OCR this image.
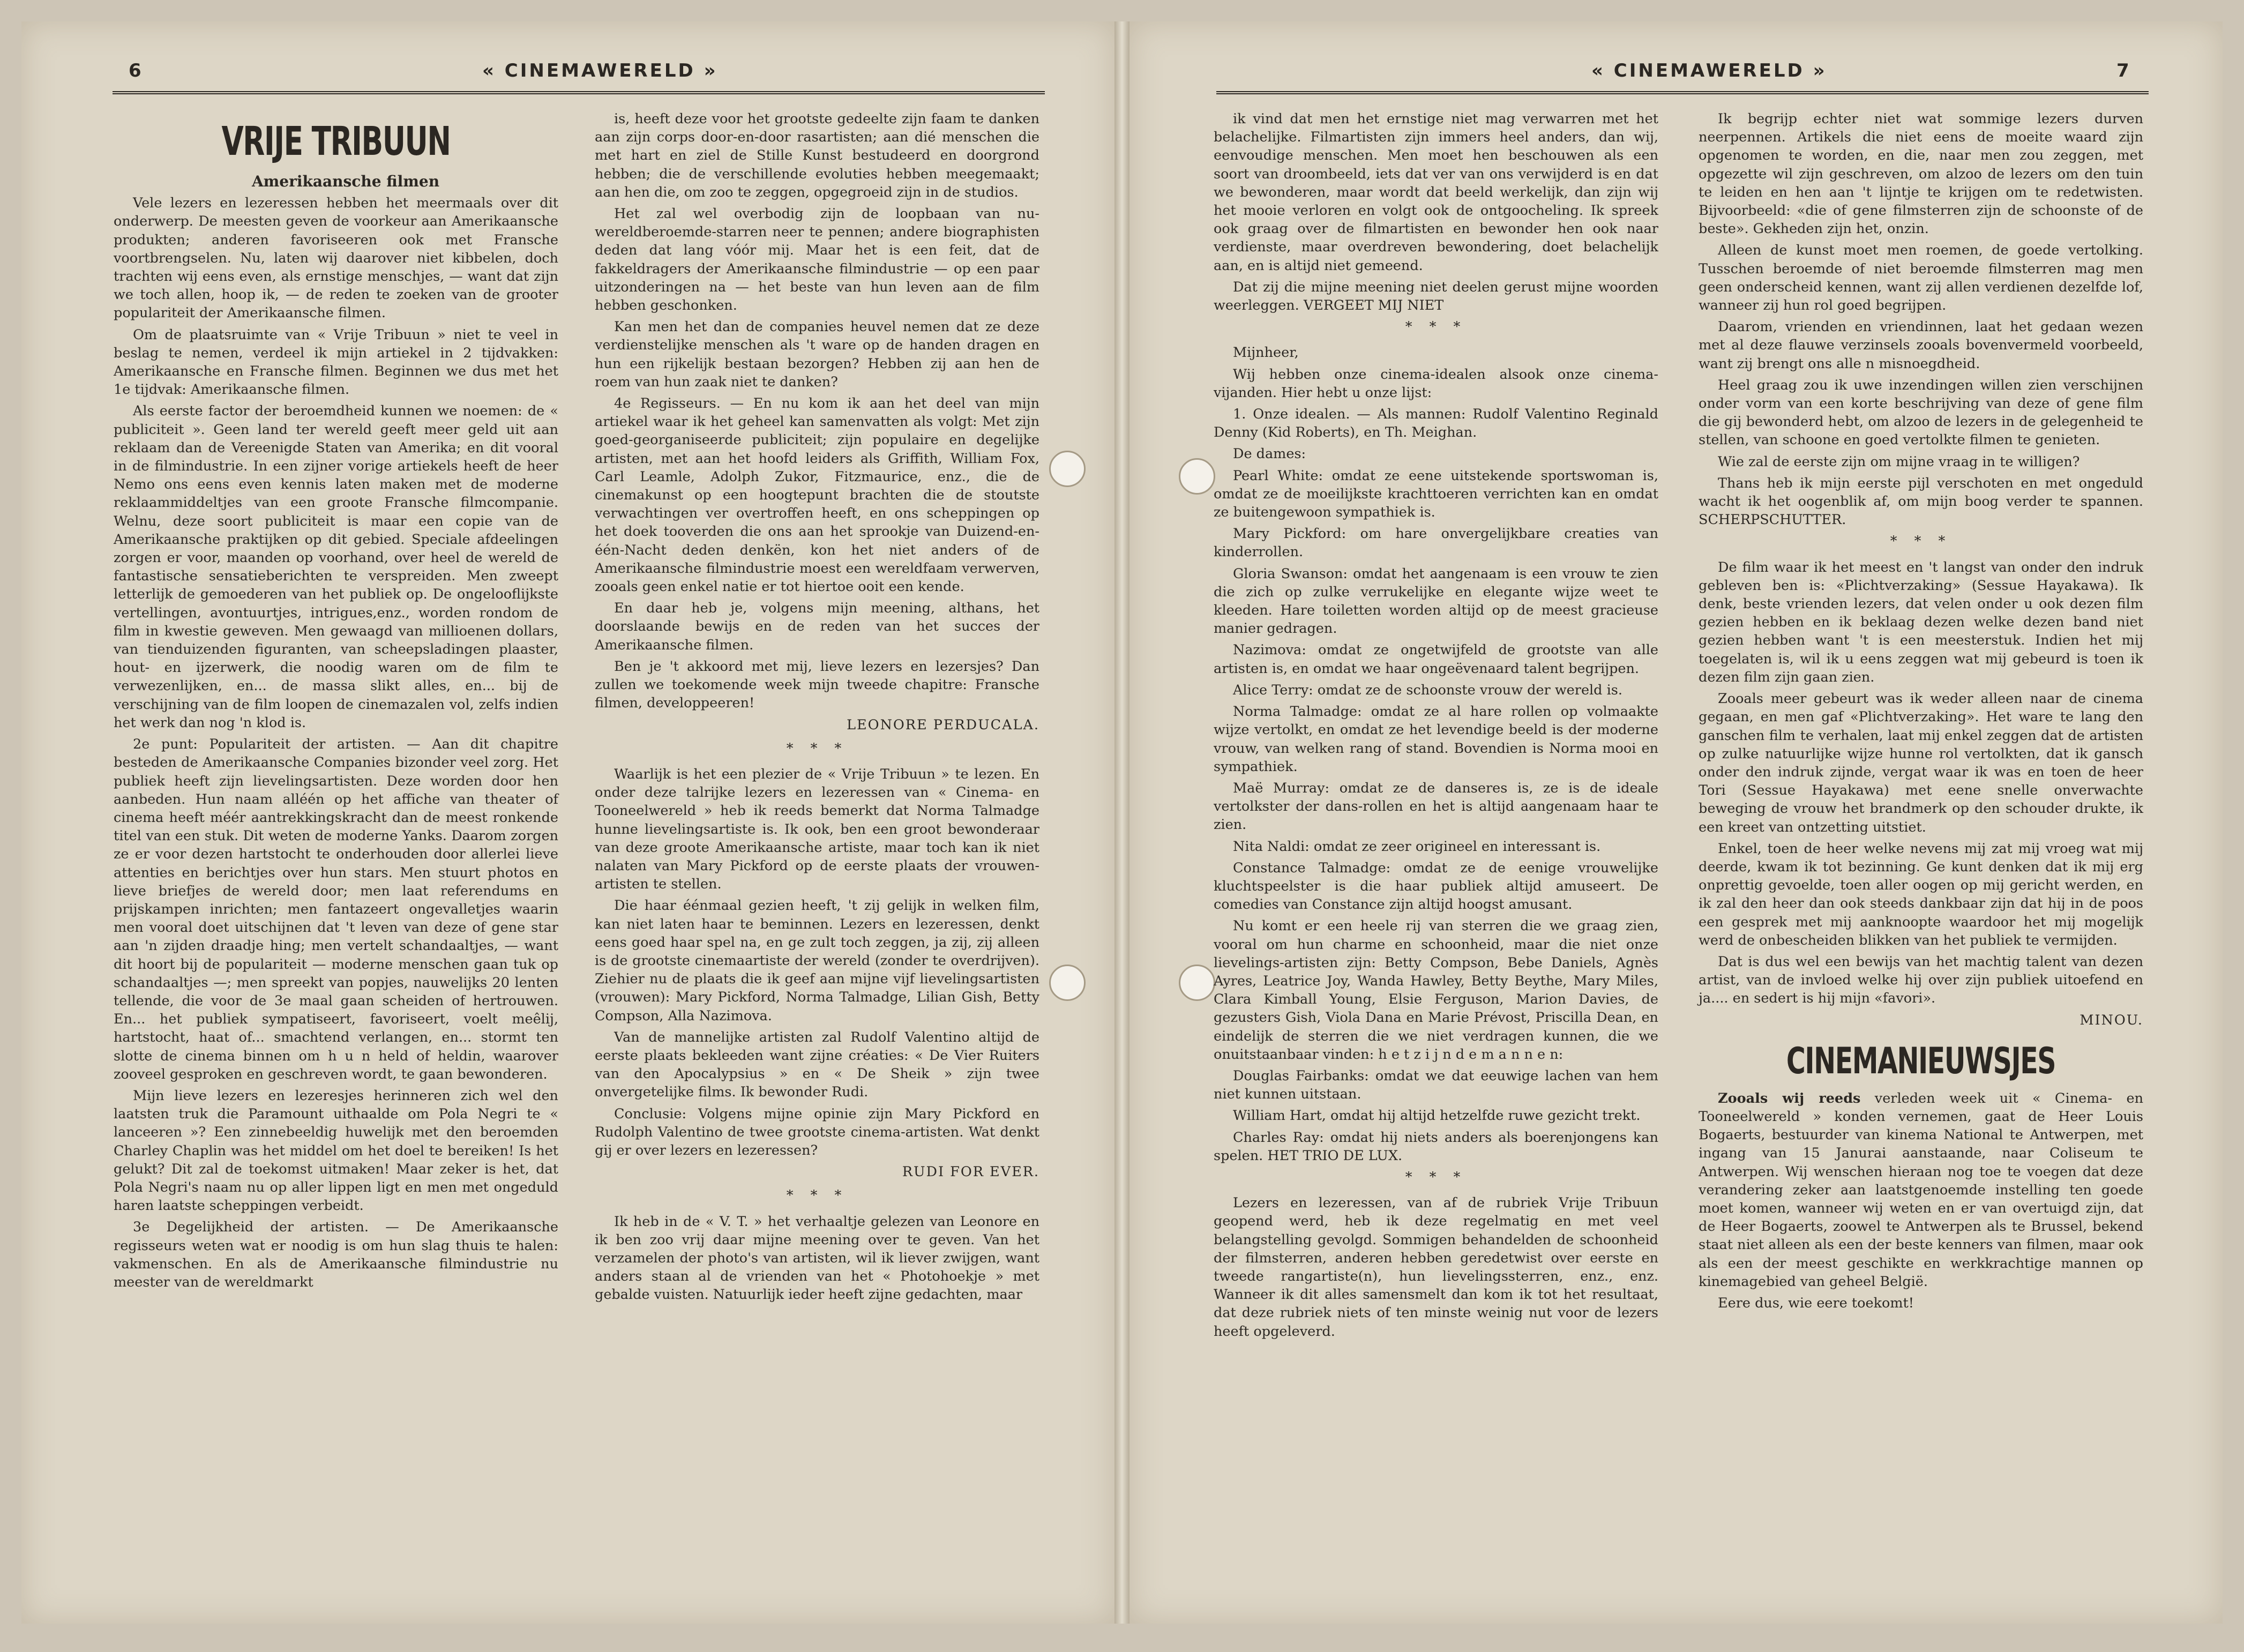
6	« CINEMAWERELD »	« CINEMAWERELD »	7
VRIJE TRIBUUN

Amerikaansche filmen

Vele lezers en lezeressen hebben het meermaals over dit onderwerp. De meesten geven de voorkeur aan Amerikaansche produkten; anderen favoriseeren ook met Fransche voortbrengselen. Nu, laten wij daarover niet kibbelen, doch trachten wij eens even, als ernstige menschjes, — want dat zijn we toch allen, hoop ik, — de reden te zoeken van de grooter populariteit der Amerikaansche filmen.

Om de plaatsruimte van « Vrije Tribuun » niet te veel in beslag te nemen, verdeel ik mijn artiekel in 2 tijdvakken: Amerikaansche en Fransche filmen. Beginnen we dus met het 1e tijdvak: Amerikaansche filmen.

Als eerste factor der beroemdheid kunnen we noemen: de « publiciteit ». Geen land ter wereld geeft meer geld uit aan reklaam dan de Vereenigde Staten van Amerika; en dit vooral in de filmindustrie. In een zijner vorige artiekels heeft de heer Nemo ons eens even kennis laten maken met de moderne reklaammiddeltjes van een groote Fransche filmcompanie. Welnu, deze soort publiciteit is maar een copie van de Amerikaansche praktijken op dit gebied. Speciale afdeelingen zorgen er voor, maanden op voorhand, over heel de wereld de fantastische sensatieberichten te verspreiden. Men zweept letterlijk de gemoederen van het publiek op. De ongelooflijkste vertellingen, avontuurtjes, intrigues,enz., worden rondom de film in kwestie geweven. Men gewaagd van millioenen dollars, van tienduizenden figuranten, van scheepsladingen plaaster, hout- en ijzerwerk, die noodig waren om de film te verwezenlijken, en... de massa slikt alles, en... bij de verschijning van de film loopen de cinemazalen vol, zelfs indien het werk dan nog 'n klod is.

2e punt: Populariteit der artisten. — Aan dit chapitre besteden de Amerikaansche Companies bizonder veel zorg. Het publiek heeft zijn lievelingsartisten. Deze worden door hen aanbeden. Hun naam alléén op het affiche van theater of cinema heeft méér aantrekkingskracht dan de meest ronkende titel van een stuk. Dit weten de moderne Yanks. Daarom zorgen ze er voor dezen hartstocht te onderhouden door allerlei lieve attenties en berichtjes over hun stars. Men stuurt photos en lieve briefjes de wereld door; men laat referendums en prijskampen inrichten; men fantazeert ongevalletjes waarin men vooral doet uitschijnen dat 't leven van deze of gene star aan 'n zijden draadje hing; men vertelt schandaaltjes, — want dit hoort bij de populariteit — moderne menschen gaan tuk op schandaaltjes —; men spreekt van popjes, nauwelijks 20 lenten tellende, die voor de 3e maal gaan scheiden of hertrouwen. En... het publiek sympatiseert, favoriseert, voelt meêlij, hartstocht, haat of... smachtend verlangen, en... stormt ten slotte de cinema binnen om h u n held of heldin, waarover zooveel gesproken en geschreven wordt, te gaan bewonderen.

Mijn lieve lezers en lezeresjes herinneren zich wel den laatsten truk die Paramount uithaalde om Pola Negri te « lanceeren »? Een zinnebeeldig huwelijk met den beroemden Charley Chaplin was het middel om het doel te bereiken! Is het gelukt? Dit zal de toekomst uitmaken! Maar zeker is het, dat Pola Negri's naam nu op aller lippen ligt en men met ongeduld haren laatste scheppingen verbeidt.

3e Degelijkheid der artisten. — De Amerikaansche regisseurs weten wat er noodig is om hun slag thuis te halen: vakmenschen. En als de Amerikaansche filmindustrie nu meester van de wereldmarkt

is, heeft deze voor het grootste gedeelte zijn faam te danken aan zijn corps door-en-door rasartisten; aan dié menschen die met hart en ziel de Stille Kunst bestudeerd en doorgrond hebben; die de verschillende evoluties hebben meegemaakt; aan hen die, om zoo te zeggen, opgegroeid zijn in de studios.

Het zal wel overbodig zijn de loopbaan van nu-wereldberoemde-starren neer te pennen; andere biographisten deden dat lang vóór mij. Maar het is een feit, dat de fakkeldragers der Amerikaansche filmindustrie — op een paar uitzonderingen na — het beste van hun leven aan de film hebben geschonken.

Kan men het dan de companies heuvel nemen dat ze deze verdienstelijke menschen als 't ware op de handen dragen en hun een rijkelijk bestaan bezorgen? Hebben zij aan hen de roem van hun zaak niet te danken?

4e Regisseurs. — En nu kom ik aan het deel van mijn artiekel waar ik het geheel kan samenvatten als volgt: Met zijn goed-georganiseerde publiciteit; zijn populaire en degelijke artisten, met aan het hoofd leiders als Griffith, William Fox, Carl Leamle, Adolph Zukor, Fitzmaurice, enz., die de cinemakunst op een hoogtepunt brachten die de stoutste verwachtingen ver overtroffen heeft, en ons scheppingen op het doek tooverden die ons aan het sprookje van Duizend-en-één-Nacht deden denkën, kon het niet anders of de Amerikaansche filmindustrie moest een wereldfaam verwerven, zooals geen enkel natie er tot hiertoe ooit een kende.

En daar heb je, volgens mijn meening, althans, het doorslaande bewijs en de reden van het succes der Amerikaansche filmen.

Ben je 't akkoord met mij, lieve lezers en lezersjes? Dan zullen we toekomende week mijn tweede chapitre: Fransche filmen, developpeeren!

LEONORE PERDUCALA.

* * *

Waarlijk is het een plezier de « Vrije Tribuun » te lezen. En onder deze talrijke lezers en lezeressen van « Cinema- en Tooneelwereld » heb ik reeds bemerkt dat Norma Talmadge hunne lievelingsartiste is. Ik ook, ben een groot bewonderaar van deze groote Amerikaansche artiste, maar toch kan ik niet nalaten van Mary Pickford op de eerste plaats der vrouwen-artisten te stellen.

Die haar éénmaal gezien heeft, 't zij gelijk in welken film, kan niet laten haar te beminnen. Lezers en lezeressen, denkt eens goed haar spel na, en ge zult toch zeggen, ja zij, zij alleen is de grootste cinemaartiste der wereld (zonder te overdrijven). Ziehier nu de plaats die ik geef aan mijne vijf lievelingsartisten (vrouwen): Mary Pickford, Norma Talmadge, Lilian Gish, Betty Compson, Alla Nazimova.

Van de mannelijke artisten zal Rudolf Valentino altijd de eerste plaats bekleeden want zijne créaties: « De Vier Ruiters van den Apocalypsius » en « De Sheik » zijn twee onvergetelijke films. Ik bewonder Rudi.

Conclusie: Volgens mijne opinie zijn Mary Pickford en Rudolph Valentino de twee grootste cinema-artisten. Wat denkt gij er over lezers en lezeressen?

RUDI FOR EVER.

* * *

Ik heb in de « V. T. » het verhaaltje gelezen van Leonore en ik ben zoo vrij daar mijne meening over te geven. Van het verzamelen der photo's van artisten, wil ik liever zwijgen, want anders staan al de vrienden van het « Photohoekje » met gebalde vuisten. Natuurlijk ieder heeft zijne gedachten, maar

ik vind dat men het ernstige niet mag verwarren met het belachelijke. Filmartisten zijn immers heel anders, dan wij, eenvoudige menschen. Men moet hen beschouwen als een soort van droombeeld, iets dat ver van ons verwijderd is en dat we bewonderen, maar wordt dat beeld werkelijk, dan zijn wij het mooie verloren en volgt ook de ontgoocheling. Ik spreek ook graag over de filmartisten en bewonder hen ook naar verdienste, maar overdreven bewondering, doet belachelijk aan, en is altijd niet gemeend.

Dat zij die mijne meening niet deelen gerust mijne woorden weerleggen. VERGEET MIJ NIET

* * *

Mijnheer,

Wij hebben onze cinema-idealen alsook onze cinema-vijanden. Hier hebt u onze lijst:

1. Onze idealen. — Als mannen: Rudolf Valentino Reginald Denny (Kid Roberts), en Th. Meighan.

De dames:

Pearl White: omdat ze eene uitstekende sportswoman is, omdat ze de moeilijkste krachttoeren verrichten kan en omdat ze buitengewoon sympathiek is.

Mary Pickford: om hare onvergelijkbare creaties van kinderrollen.

Gloria Swanson: omdat het aangenaam is een vrouw te zien die zich op zulke verrukelijke en elegante wijze weet te kleeden. Hare toiletten worden altijd op de meest gracieuse manier gedragen.

Nazimova: omdat ze ongetwijfeld de grootste van alle artisten is, en omdat we haar ongeëvenaard talent begrijpen.

Alice Terry: omdat ze de schoonste vrouw der wereld is.

Norma Talmadge: omdat ze al hare rollen op volmaakte wijze vertolkt, en omdat ze het levendige beeld is der moderne vrouw, van welken rang of stand. Bovendien is Norma mooi en sympathiek.

Maë Murray: omdat ze de danseres is, ze is de ideale vertolkster der dans-rollen en het is altijd aangenaam haar te zien.

Nita Naldi: omdat ze zeer origineel en interessant is.

Constance Talmadge: omdat ze de eenige vrouwelijke kluchtspeelster is die haar publiek altijd amuseert. De comedies van Constance zijn altijd hoogst amusant.

Nu komt er een heele rij van sterren die we graag zien, vooral om hun charme en schoonheid, maar die niet onze lievelings-artisten zijn: Betty Compson, Bebe Daniels, Agnès Ayres, Leatrice Joy, Wanda Hawley, Betty Beythe, Mary Miles, Clara Kimball Young, Elsie Ferguson, Marion Davies, de gezusters Gish, Viola Dana en Marie Prévost, Priscilla Dean, en eindelijk de sterren die we niet verdragen kunnen, die we onuitstaanbaar vinden: h e t z i j n d e m a n n e n:

Douglas Fairbanks: omdat we dat eeuwige lachen van hem niet kunnen uitstaan.

William Hart, omdat hij altijd hetzelfde ruwe gezicht trekt.

Charles Ray: omdat hij niets anders als boerenjongens kan spelen. HET TRIO DE LUX.

* * *

Lezers en lezeressen, van af de rubriek Vrije Tribuun geopend werd, heb ik deze regelmatig en met veel belangstelling gevolgd. Sommigen behandelden de schoonheid der filmsterren, anderen hebben geredetwist over eerste en tweede rangartiste(n), hun lievelingssterren, enz., enz. Wanneer ik dit alles samensmelt dan kom ik tot het resultaat, dat deze rubriek niets of ten minste weinig nut voor de lezers heeft opgeleverd.

Ik begrijp echter niet wat sommige lezers durven neerpennen. Artikels die niet eens de moeite waard zijn opgenomen te worden, en die, naar men zou zeggen, met opgezette wil zijn geschreven, om alzoo de lezers om den tuin te leiden en hen aan 't lijntje te krijgen om te redetwisten. Bijvoorbeeld: «die of gene filmsterren zijn de schoonste of de beste». Gekheden zijn het, onzin.

Alleen de kunst moet men roemen, de goede vertolking. Tusschen beroemde of niet beroemde filmsterren mag men geen onderscheid kennen, want zij allen verdienen dezelfde lof, wanneer zij hun rol goed begrijpen.

Daarom, vrienden en vriendinnen, laat het gedaan wezen met al deze flauwe verzinsels zooals bovenvermeld voorbeeld, want zij brengt ons alle n misnoegdheid.

Heel graag zou ik uwe inzendingen willen zien verschijnen onder vorm van een korte beschrijving van deze of gene film die gij bewonderd hebt, om alzoo de lezers in de gelegenheid te stellen, van schoone en goed vertolkte filmen te genieten.

Wie zal de eerste zijn om mijne vraag in te willigen?

Thans heb ik mijn eerste pijl verschoten en met ongeduld wacht ik het oogenblik af, om mijn boog verder te spannen. SCHERPSCHUTTER.

* * *

De film waar ik het meest en 't langst van onder den indruk gebleven ben is: «Plichtverzaking» (Sessue Hayakawa). Ik denk, beste vrienden lezers, dat velen onder u ook dezen film gezien hebben en ik beklaag dezen welke dezen band niet gezien hebben want 't is een meesterstuk. Indien het mij toegelaten is, wil ik u eens zeggen wat mij gebeurd is toen ik dezen film zijn gaan zien.

Zooals meer gebeurt was ik weder alleen naar de cinema gegaan, en men gaf «Plichtverzaking». Het ware te lang den ganschen film te verhalen, laat mij enkel zeggen dat de artisten op zulke natuurlijke wijze hunne rol vertolkten, dat ik gansch onder den indruk zijnde, vergat waar ik was en toen de heer Tori (Sessue Hayakawa) met eene snelle onverwachte beweging de vrouw het brandmerk op den schouder drukte, ik een kreet van ontzetting uitstiet.

Enkel, toen de heer welke nevens mij zat mij vroeg wat mij deerde, kwam ik tot bezinning. Ge kunt denken dat ik mij erg onprettig gevoelde, toen aller oogen op mij gericht werden, en ik zal den heer dan ook steeds dankbaar zijn dat hij in de poos een gesprek met mij aanknoopte waardoor het mij mogelijk werd de onbescheiden blikken van het publiek te vermijden.

Dat is dus wel een bewijs van het machtig talent van dezen artist, van de invloed welke hij over zijn publiek uitoefend en ja.... en sedert is hij mijn «favori».

MINOU.

CINEMANIEUWSJES

Zooals wij reeds verleden week uit « Cinema- en Tooneelwereld » konden vernemen, gaat de Heer Louis Bogaerts, bestuurder van kinema National te Antwerpen, met ingang van 15 Janurai aanstaande, naar Coliseum te Antwerpen. Wij wenschen hieraan nog toe te voegen dat deze verandering zeker aan laatstgenoemde instelling ten goede moet komen, wanneer wij weten en er van overtuigd zijn, dat de Heer Bogaerts, zoowel te Antwerpen als te Brussel, bekend staat niet alleen als een der beste kenners van filmen, maar ook als een der meest geschikte en werkkrachtige mannen op kinemagebied van geheel België.

Eere dus, wie eere toekomt!
